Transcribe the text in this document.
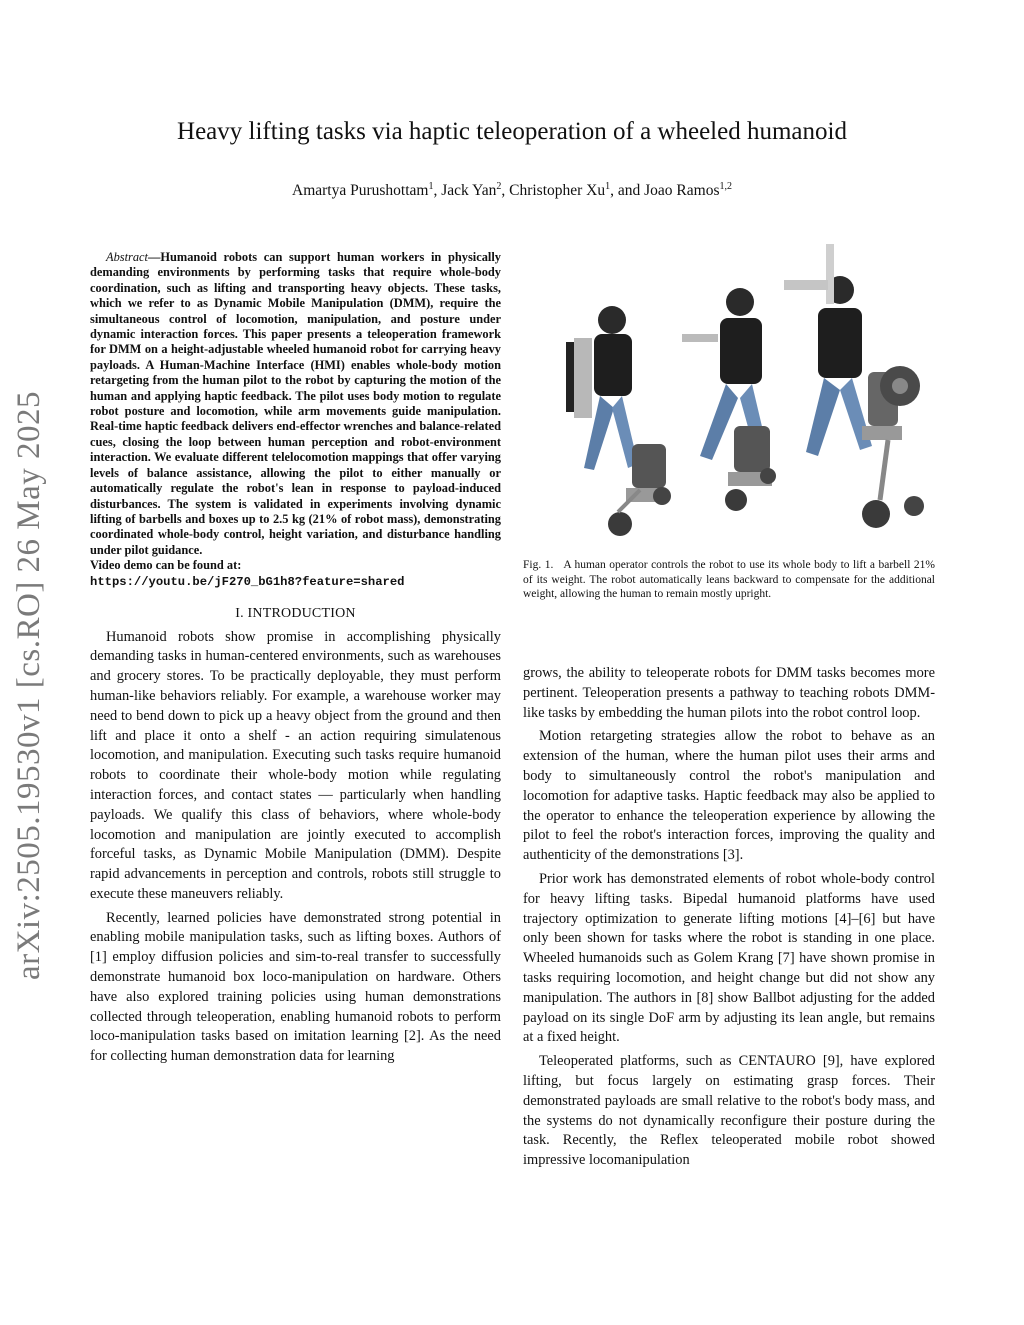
arXiv:2505.19530v1 [cs.RO] 26 May 2025
Heavy lifting tasks via haptic teleoperation of a wheeled humanoid
Amartya Purushottam$^1$, Jack Yan$^2$, Christopher Xu$^1$, and Joao Ramos$^{1,2}$

Abstract—Humanoid robots can support human workers in physically demanding environments by performing tasks that require whole-body coordination, such as lifting and transporting heavy objects. These tasks, which we refer to as Dynamic Mobile Manipulation (DMM), require the simultaneous control of locomotion, manipulation, and posture under dynamic interaction forces. This paper presents a teleoperation framework for DMM on a height-adjustable wheeled humanoid robot for carrying heavy payloads. A Human-Machine Interface (HMI) enables whole-body motion retargeting from the human pilot to the robot by capturing the motion of the human and applying haptic feedback. The pilot uses body motion to regulate robot posture and locomotion, while arm movements guide manipulation. Real-time haptic feedback delivers end-effector wrenches and balance-related cues, closing the loop between human perception and robot-environment interaction. We evaluate different telelocomotion mappings that offer varying levels of balance assistance, allowing the pilot to either manually or automatically regulate the robot's lean in response to payload-induced disturbances. The system is validated in experiments involving dynamic lifting of barbells and boxes up to 2.5 kg (21% of robot mass), demonstrating coordinated whole-body control, height variation, and disturbance handling under pilot guidance.

Video demo can be found at:

https://youtu.be/jF270_bG1h8?feature=shared

I. INTRODUCTION

Humanoid robots show promise in accomplishing physically demanding tasks in human-centered environments, such as warehouses and grocery stores. To be practically deployable, they must perform human-like behaviors reliably. For example, a warehouse worker may need to bend down to pick up a heavy object from the ground and then lift and place it onto a shelf - an action requiring simulatenous locomotion, and manipulation. Executing such tasks require humanoid robots to coordinate their whole-body motion while regulating interaction forces, and contact states — particularly when handling payloads. We qualify this class of behaviors, where whole-body locomotion and manipulation are jointly executed to accomplish forceful tasks, as Dynamic Mobile Manipulation (DMM). Despite rapid advancements in perception and controls, robots still struggle to execute these maneuvers reliably.

Recently, learned policies have demonstrated strong potential in enabling mobile manipulation tasks, such as lifting boxes. Authors of [1] employ diffusion policies and sim-to-real transfer to successfully demonstrate humanoid box loco-manipulation on hardware. Others have also explored training policies using human demonstrations collected through teleoperation, enabling humanoid robots to perform loco-manipulation tasks based on imitation learning [2]. As the need for collecting human demonstration data for learning

Fig. 1. A human operator controls the robot to use its whole body to lift a barbell 21% of its weight. The robot automatically leans backward to compensate for the additional weight, allowing the human to remain mostly upright.

grows, the ability to teleoperate robots for DMM tasks becomes more pertinent. Teleoperation presents a pathway to teaching robots DMM-like tasks by embedding the human pilots into the robot control loop.

Motion retargeting strategies allow the robot to behave as an extension of the human, where the human pilot uses their arms and body to simultaneously control the robot's manipulation and locomotion for adaptive tasks. Haptic feedback may also be applied to the operator to enhance the teleoperation experience by allowing the pilot to feel the robot's interaction forces, improving the quality and authenticity of the demonstrations [3].

Prior work has demonstrated elements of robot whole-body control for heavy lifting tasks. Bipedal humanoid platforms have used trajectory optimization to generate lifting motions [4]–[6] but have only been shown for tasks where the robot is standing in one place. Wheeled humanoids such as Golem Krang [7] have shown promise in tasks requiring locomotion, and height change but did not show any manipulation. The authors in [8] show Ballbot adjusting for the added payload on its single DoF arm by adjusting its lean angle, but remains at a fixed height.

Teleoperated platforms, such as CENTAURO [9], have explored lifting, but focus largely on estimating grasp forces. Their demonstrated payloads are small relative to the robot's body mass, and the systems do not dynamically reconfigure their posture during the task. Recently, the Reflex teleoperated mobile robot showed impressive locomanipulation
